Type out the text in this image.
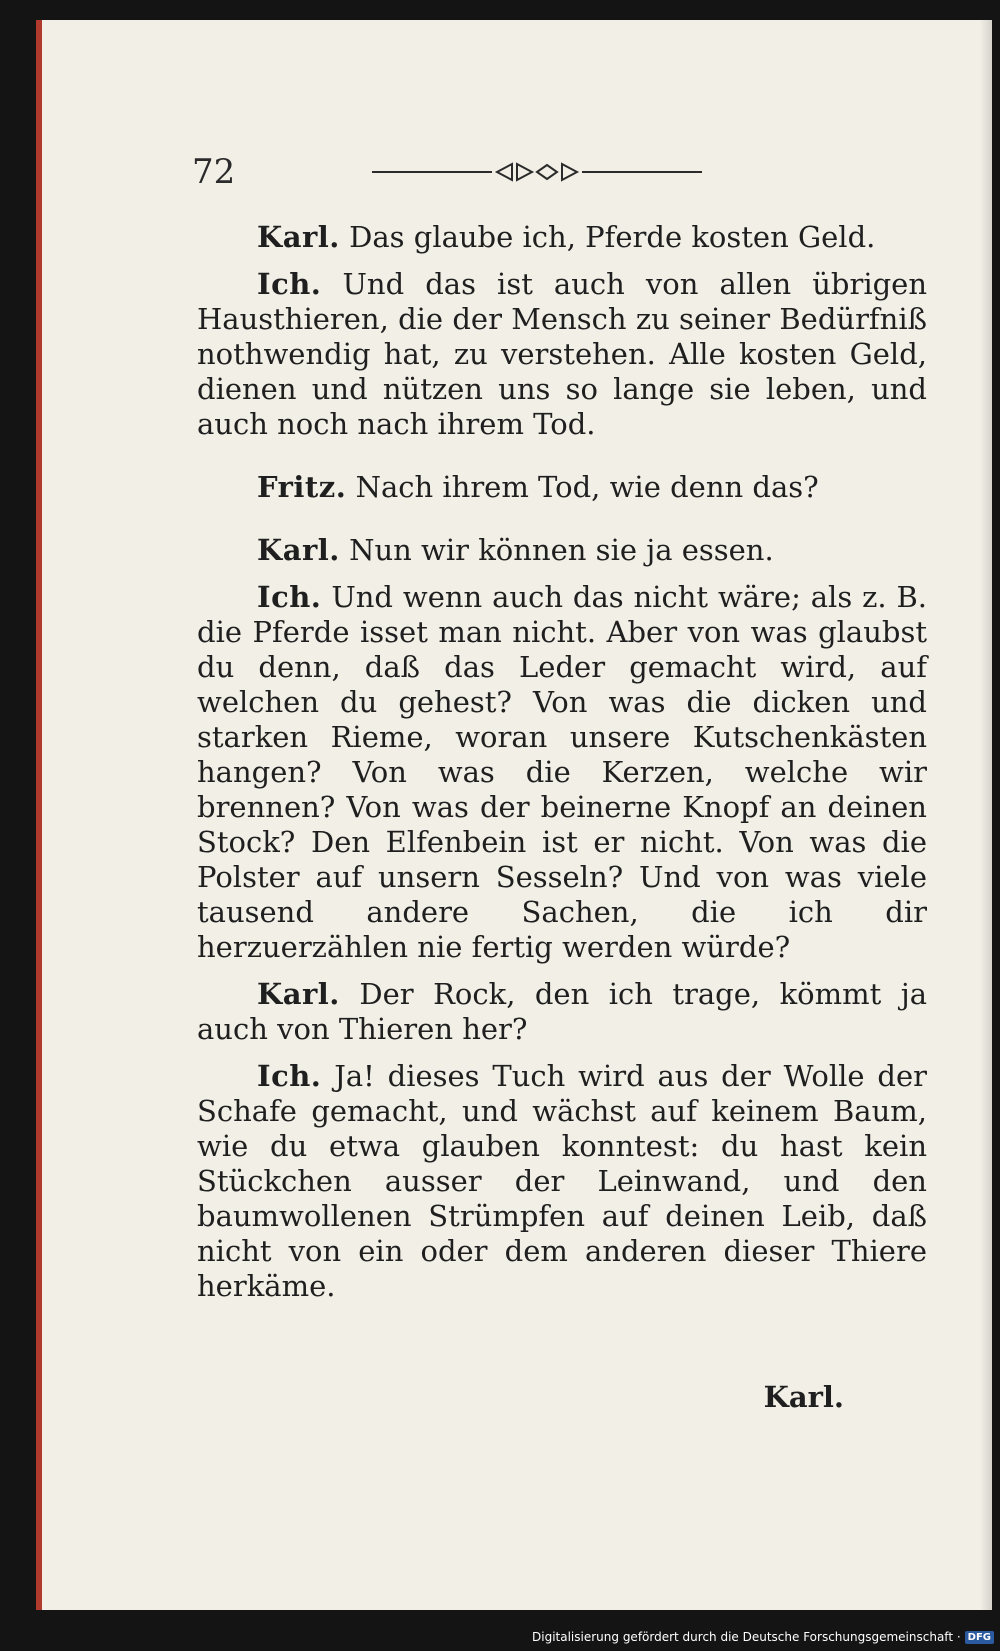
72

Karl. Das glaube ich, Pferde kosten Geld.

Ich. Und das ist auch von allen übrigen Hausthieren, die der Mensch zu seiner Bedürfniß nothwendig hat, zu verstehen. Alle kosten Geld, dienen und nützen uns so lange sie leben, und auch noch nach ihrem Tod.

Fritz. Nach ihrem Tod, wie denn das?

Karl. Nun wir können sie ja essen.

Ich. Und wenn auch das nicht wäre; als z. B. die Pferde isset man nicht. Aber von was glaubst du denn, daß das Leder gemacht wird, auf welchen du gehest? Von was die dicken und starken Rieme, woran unsere Kutschenkästen hangen? Von was die Kerzen, welche wir brennen? Von was der beinerne Knopf an deinen Stock? Den Elfenbein ist er nicht. Von was die Polster auf unsern Sesseln? Und von was viele tausend andere Sachen, die ich dir herzuerzählen nie fertig werden würde?

Karl. Der Rock, den ich trage, kömmt ja auch von Thieren her?

Ich. Ja! dieses Tuch wird aus der Wolle der Schafe gemacht, und wächst auf keinem Baum, wie du etwa glauben konntest: du hast kein Stückchen ausser der Leinwand, und den baumwollenen Strümpfen auf deinen Leib, daß nicht von ein oder dem anderen dieser Thiere herkäme.

Karl.
Digitalisierung gefördert durch die Deutsche Forschungsgemeinschaft · DFG
